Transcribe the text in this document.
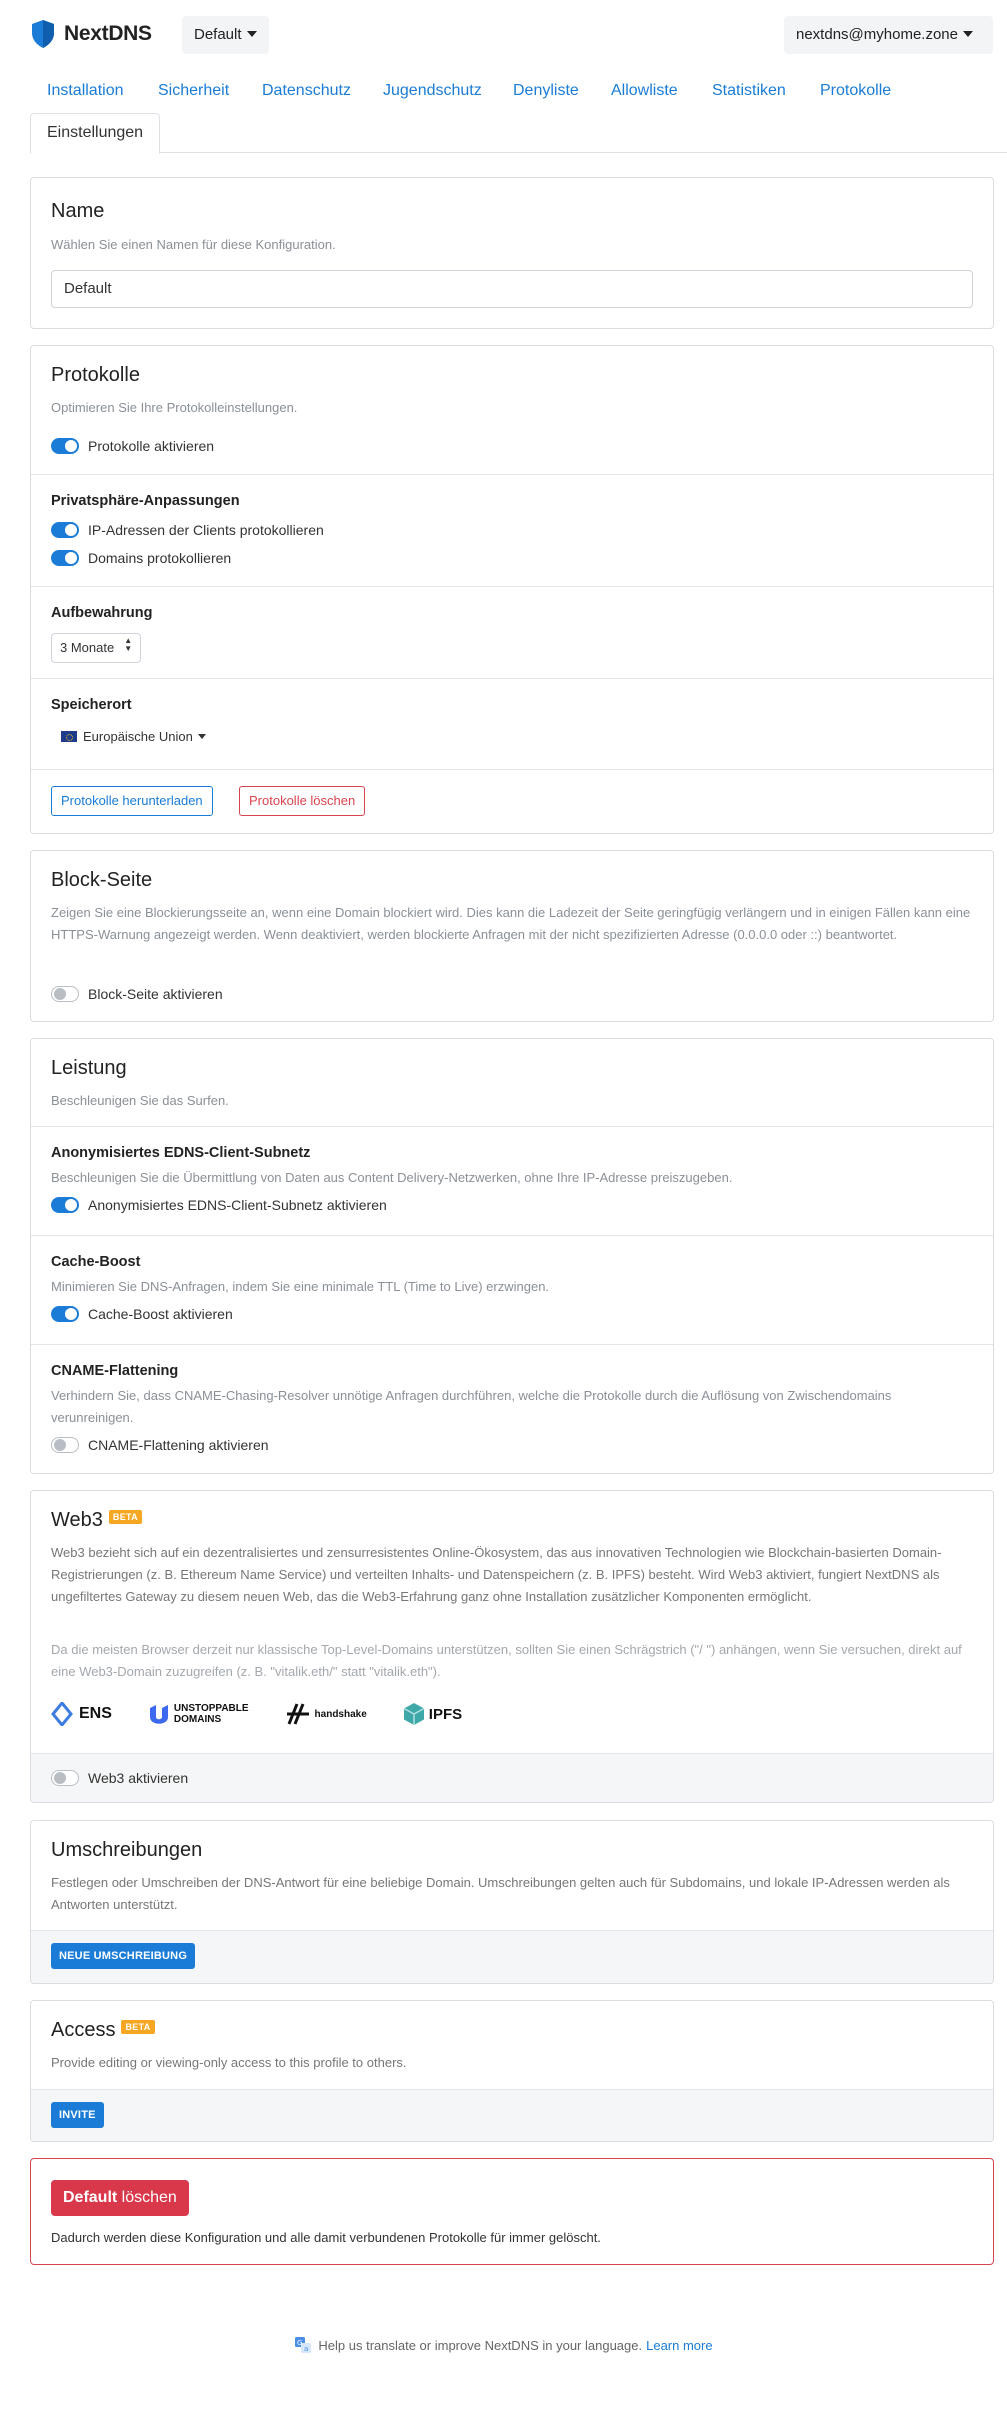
NextDNS	Default	nextdns@myhome.zone
Installation Sicherheit Datenschutz Jugendschutz Denyliste Allowliste Statistiken Protokolle
Einstellungen
Name
Wählen Sie einen Namen für diese Konfiguration.
Default
Protokolle
Optimieren Sie Ihre Protokolleinstellungen.
Protokolle aktivieren
Privatsphäre-Anpassungen
IP-Adressen der Clients protokollieren
Domains protokollieren
Aufbewahrung
3 Monate ▲
▼
Speicherort
Europäische Union
Protokolle herunterladen	Protokolle löschen
Block-Seite
Zeigen Sie eine Blockierungsseite an, wenn eine Domain blockiert wird. Dies kann die Ladezeit der Seite geringfügig verlängern und in einigen Fällen kann eine HTTPS-Warnung angezeigt werden. Wenn deaktiviert, werden blockierte Anfragen mit der nicht spezifizierten Adresse (0.0.0.0 oder ::) beantwortet.
Block-Seite aktivieren
Leistung
Beschleunigen Sie das Surfen.
Anonymisiertes EDNS-Client-Subnetz
Beschleunigen Sie die Übermittlung von Daten aus Content Delivery-Netzwerken, ohne Ihre IP-Adresse preiszugeben.
Anonymisiertes EDNS-Client-Subnetz aktivieren
Cache-Boost
Minimieren Sie DNS-Anfragen, indem Sie eine minimale TTL (Time to Live) erzwingen.
Cache-Boost aktivieren
CNAME-Flattening
Verhindern Sie, dass CNAME-Chasing-Resolver unnötige Anfragen durchführen, welche die Protokolle durch die Auflösung von Zwischendomains verunreinigen.
CNAME-Flattening aktivieren
Web3 BETA
Web3 bezieht sich auf ein dezentralisiertes und zensurresistentes Online-Ökosystem, das aus innovativen Technologien wie Blockchain-basierten Domain-Registrierungen (z. B. Ethereum Name Service) und verteilten Inhalts- und Datenspeichern (z. B. IPFS) besteht. Wird Web3 aktiviert, fungiert NextDNS als ungefiltertes Gateway zu diesem neuen Web, das die Web3-Erfahrung ganz ohne Installation zusätzlicher Komponenten ermöglicht.
Da die meisten Browser derzeit nur klassische Top-Level-Domains unterstützen, sollten Sie einen Schrägstrich ("/ ") anhängen, wenn Sie versuchen, direkt auf eine Web3-Domain zuzugreifen (z. B. "vitalik.eth/" statt "vitalik.eth").
ENS	UNSTOPPABLE
DOMAINS	handshake	IPFS
Web3 aktivieren
Umschreibungen
Festlegen oder Umschreiben der DNS-Antwort für eine beliebige Domain. Umschreibungen gelten auch für Subdomains, und lokale IP-Adressen werden als Antworten unterstützt.
NEUE UMSCHREIBUNG
Access BETA
Provide editing or viewing-only access to this profile to others.
INVITE
Default löschen
Dadurch werden diese Konfiguration und alle damit verbundenen Protokolle für immer gelöscht.
G
a Help us translate or improve NextDNS in your language. Learn more
